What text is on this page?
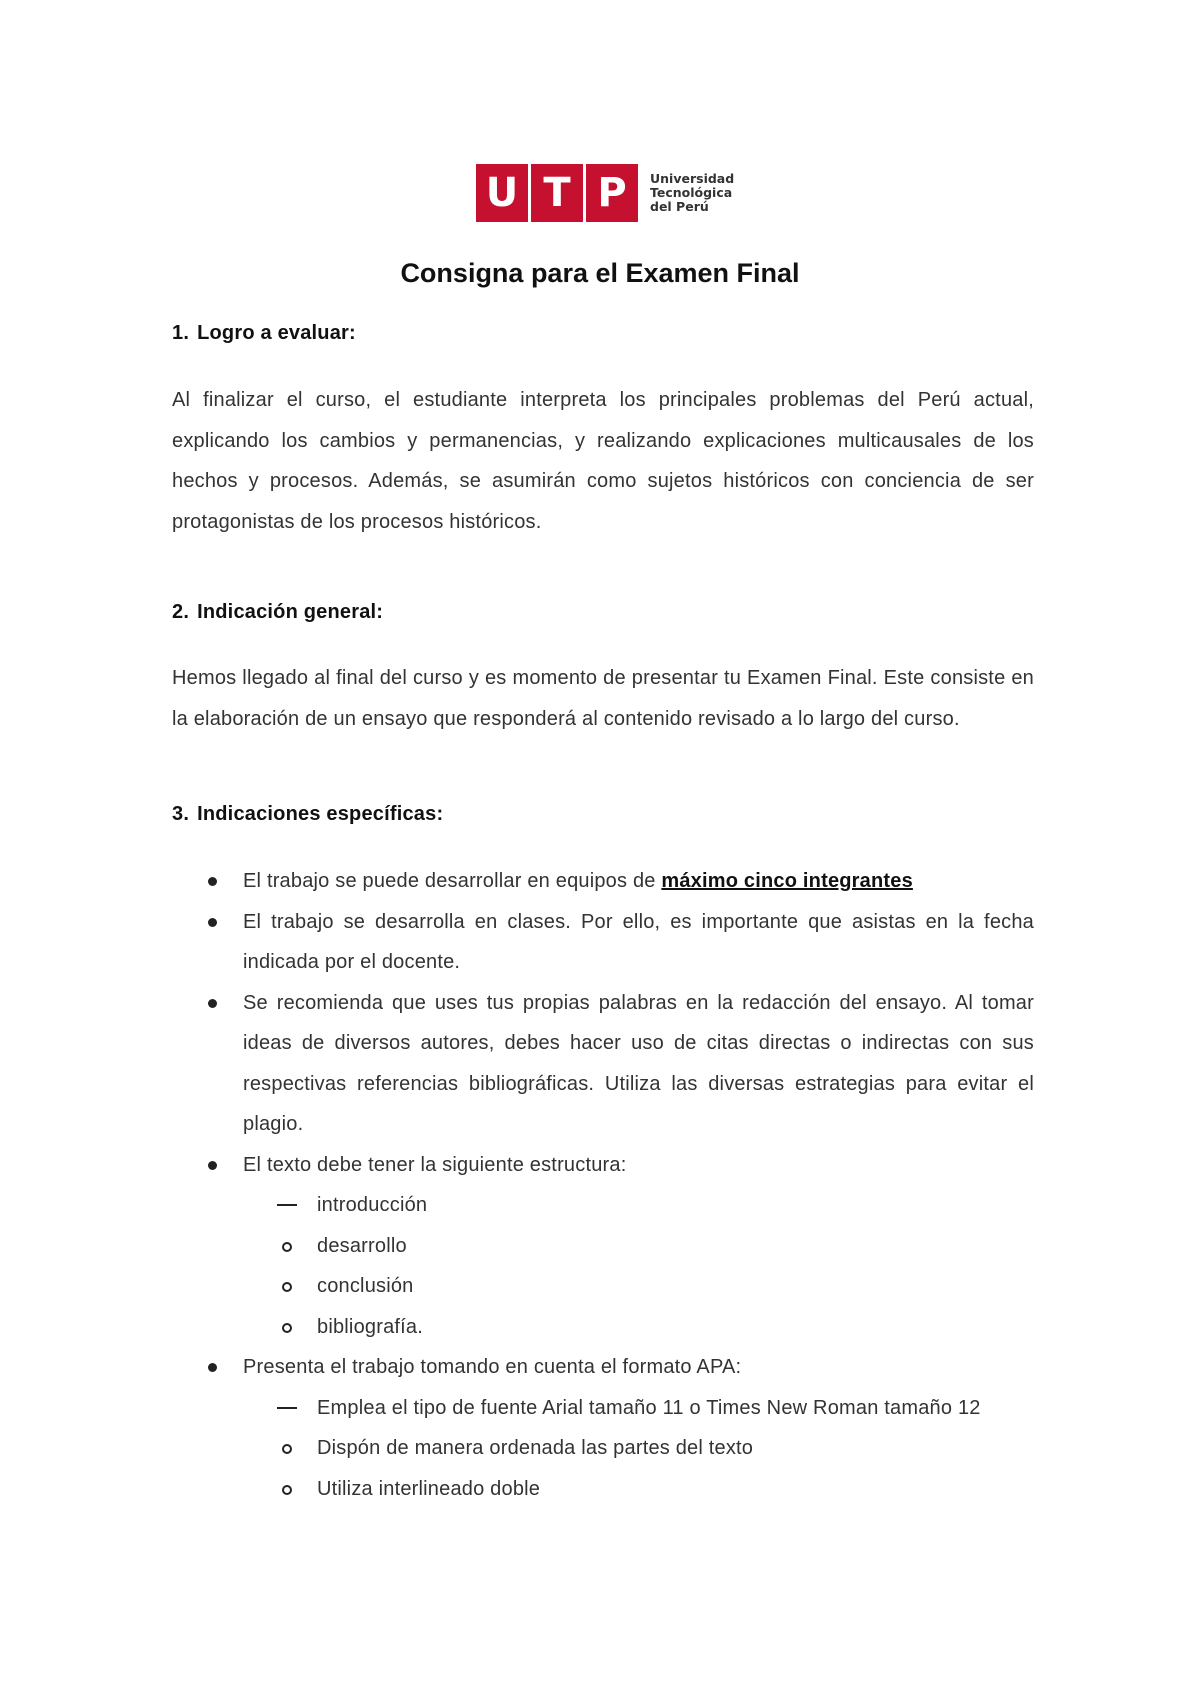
U T P	Universidad
Tecnológica
del Perú
Consigna para el Examen Final

1. Logro a evaluar:

Al finalizar el curso, el estudiante interpreta los principales problemas del Perú actual, explicando los cambios y permanencias, y realizando explicaciones multicausales de los hechos y procesos. Además, se asumirán como sujetos históricos con conciencia de ser protagonistas de los procesos históricos.

2. Indicación general:

Hemos llegado al final del curso y es momento de presentar tu Examen Final. Este consiste en la elaboración de un ensayo que responderá al contenido revisado a lo largo del curso.

3. Indicaciones específicas:

El trabajo se puede desarrollar en equipos de máximo cinco integrantes
El trabajo se desarrolla en clases. Por ello, es importante que asistas en la fecha indicada por el docente.
Se recomienda que uses tus propias palabras en la redacción del ensayo. Al tomar ideas de diversos autores, debes hacer uso de citas directas o indirectas con sus respectivas referencias bibliográficas. Utiliza las diversas estrategias para evitar el plagio.
El texto debe tener la siguiente estructura:
introducción
desarrollo
conclusión
bibliografía.
Presenta el trabajo tomando en cuenta el formato APA:
Emplea el tipo de fuente Arial tamaño 11 o Times New Roman tamaño 12
Dispón de manera ordenada las partes del texto
Utiliza interlineado doble
